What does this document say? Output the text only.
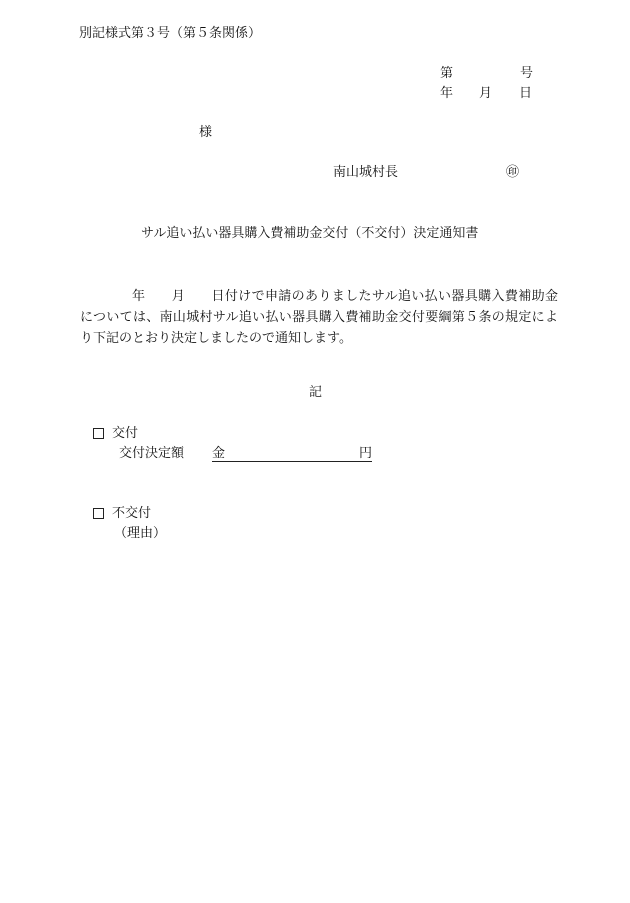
別記様式第３号（第５条関係）
第	号
年 月 日
様
南山城村長	㊞
サル追い払い器具購入費補助金交付（不交付）決定通知書
年 月 日付けで申請のありましたサル追い払い器具購入費補助金については、南山城村サル追い払い器具購入費補助金交付要綱第５条の規定により下記のとおり決定しましたので通知します。
記
交付
交付決定額 金	円
不交付
（理由）
